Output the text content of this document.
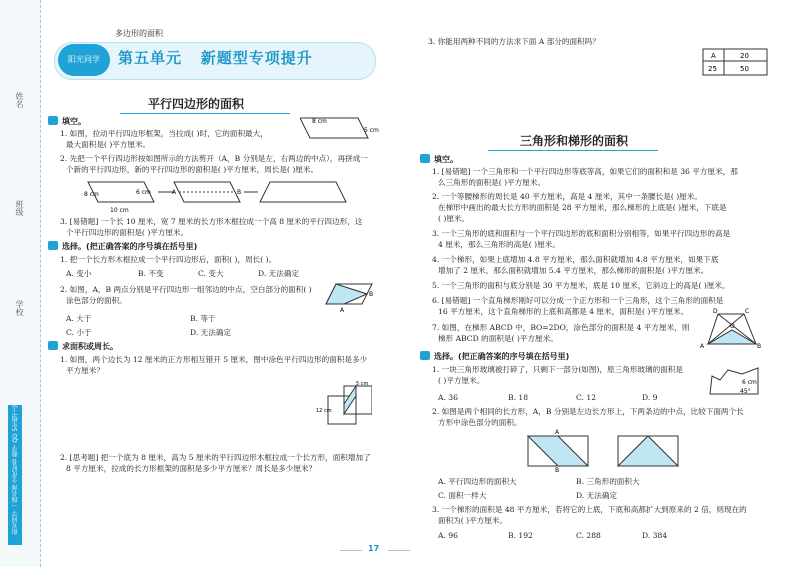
姓名
班级
学校
阳光同学 一线名师 全优好卷 数学 QD 5年级(上)
多边形的面积
阳光同学	第五单元 新题型专项提升
平行四边形的面积
填空。
1. 如图，拉动平行四边形框架，当拉成( )时，它的面积最大，
最大面积是( )平方厘米。
2. 先把一个平行四边形按如图所示的方法剪开（A，B 分别是左，右两边的中点），再拼成一
个新的平行四边形，新的平行四边形的面积是( )平方厘米，周长是( )厘米。
3. [易错题] 一个长 10 厘米，宽 7 厘米的长方形木框拉成一个高 8 厘米的平行四边形，这
个平行四边形的面积是( )平方厘米。
选择。(把正确答案的序号填在括号里)
1. 把一个长方形木框拉成一个平行四边形后，面积( )，周长( )。
A. 变小	B. 不变	C. 变大	D. 无法确定
2. 如图，A，B 两点分别是平行四边形一组邻边的中点，空白部分的面积( )
涂色部分的面积。
A. 大于	B. 等于
C. 小于	D. 无法确定
求面积或周长。
1. 如图，两个边长为 12 厘米的正方形相互错开 5 厘米，图中涂色平行四边形的面积是多少
平方厘米？
2. [思考题] 把一个底为 8 厘米，高为 5 厘米的平行四边形木框拉成一个长方形，面积增加了
8 平方厘米，拉成的长方形框架的面积是多少平方厘米？周长是多少厘米？
8 cm
5 cm
8 cm	6 cm
10 cm
A	B
A
B
12 cm
5 cm
3. 你能用两种不同的方法求下面 A 部分的面积吗？
A	20
25	50
三角形和梯形的面积
填空。
1. [易错题] 一个三角形和一个平行四边形等底等高，如果它们的面积和是 36 平方厘米，那
么三角形的面积是( )平方厘米。
2. 一个等腰梯形的周长是 40 平方厘米，高是 4 厘米，其中一条腰长是( )厘米。
在梯形中画出的最大长方形的面积是 28 平方厘米，那么梯形的上底是( )厘米，下底是
( )厘米。
3. 一个三角形的底和面积与一个平行四边形的底和面积分别相等，如果平行四边形的高是
4 厘米，那么三角形的高是( )厘米。
4. 一个梯形，如果上底增加 4.8 平方厘米，那么面积就增加 4.8 平方厘米，如果下底
增加了 2 厘米，那么面积就增加 5.4 平方厘米，那么梯形的面积是( )平方厘米。
5. 一个三角形的面积与底分别是 30 平方厘米，底是 10 厘米，它斜边上的高是( )厘米。
6. [易错题] 一个直角梯形刚好可以分成一个正方形和一个三角形，这个三角形的面积是
16 平方厘米，这个直角梯形的上底和高都是 4 厘米，面积是( )平方厘米。
7. 如图，在梯形 ABCD 中，BO=2DO，涂色部分的面积是 4 平方厘米，则
梯形 ABCD 的面积是( )平方厘米。
D	C
A	B
O
选择。(把正确答案的序号填在括号里)
1. 一块三角形玻璃被打碎了，只剩下一部分(如图)，原三角形玻璃的面积是
( )平方厘米。
A. 36	B. 18	C. 12	D. 9
6 cm
45°
2. 如图是两个相同的长方形，A，B 分别是左边长方形上，下两条边的中点，比较下面两个长
方形中涂色部分的面积。
A
B
A. 平行四边形的面积大	B. 三角形的面积大
C. 面积一样大	D. 无法确定
3. 一个梯形的面积是 48 平方厘米，若将它的上底，下底和高都扩大到原来的 2 倍，则现在的
面积为( )平方厘米。
A. 96	B. 192	C. 288	D. 384
17
